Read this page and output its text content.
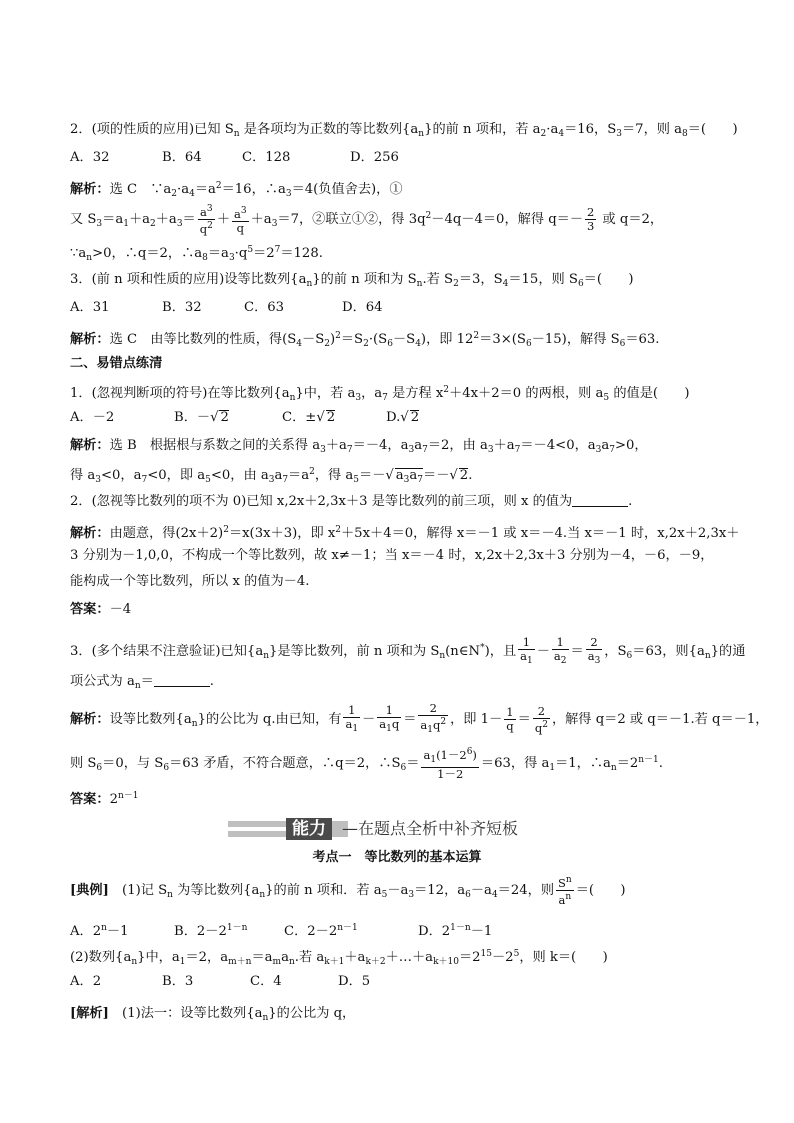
2．(项的性质的应用)已知 $S_n$ 是各项均为正数的等比数列$\{a_n\}$的前 n 项和，若 $a_2\cdot a_4=16$，$S_3=7$，则 $a_8=$(　　)
A．32	B．64	C．128	D．256
解析：选 C　$\because a_2\cdot a_4=a^2=16$，$\therefore a_3=4$(负值舍去)，①
又 $S_3=a_1+a_2+a_3= \frac{a^3}{q^2} + \frac{a^3}{q} +a_3=7$，②联立①②，得 $3q^2-4q-4=0$，解得 $q=- \frac{2}{3}$ 或 q＝2，
$\because a_n>0$，∴q＝2，$\therefore a_8=a_3\cdot q^5=2^7=128$.
3．(前 n 项和性质的应用)设等比数列$\{a_n\}$的前 n 项和为 $S_n$.若 $S_2=3$，$S_4=15$，则 $S_6=$(　　)
A．31	B．32	C．63	D．64
解析：选 C　由等比数列的性质，得$(S_4-S_2)^2=S_2\cdot(S_6-S_4)$，即 $12^2=3\times(S_6-15)$，解得 $S_6=63$.
二、易错点练清
1．(忽视判断项的符号)在等比数列$\{a_n\}$中，若 $a_3$，$a_7$ 是方程 $x^2+4x+2=0$ 的两根，则 $a_5$ 的值是(　　)
A．－2	B．－√ 2	C．±√ 2	D.√ 2
解析：选 B　根据根与系数之间的关系得 $a_3+a_7=-4$，$a_3a_7=2$，由 $a_3+a_7=-4<0$，$a_3a_7>0$，
得 $a_3<0$，$a_7<0$，即 $a_5<0$，由 $a_3a_7=a^2$，得 $a_5=-√$ $a_3a_7=-√$ 2.
2．(忽视等比数列的项不为 0)已知 x,2x＋2,3x＋3 是等比数列的前三项，则 x 的值为	.
解析：由题意，得$(2x+2)^2=x(3x+3)$，即 $x^2+5x+4=0$，解得 x＝－1 或 x＝－4.当 x＝－1 时，x,2x＋2,3x＋
3 分别为－1,0,0，不构成一个等比数列，故 x≠－1；当 x＝－4 时，x,2x＋2,3x＋3 分别为－4，－6，－9，
能构成一个等比数列，所以 x 的值为－4.
答案：－4
3．(多个结果不注意验证)已知$\{a_n\}$是等比数列，前 n 项和为 $S_n(n\in N^*)$，且 $\frac{1}{a_1} - \frac{1}{a_2} = \frac{2}{a_3}$ ，$S_6=63$，则$\{a_n\}$的通
项公式为 $a_n=$	.
解析：设等比数列$\{a_n\}$的公比为 q.由已知，有 $\frac{1}{a_1} - \frac{1}{a_1q} = \frac{2}{a_1q^2}$ ，即 $1- \frac{1}{q} = \frac{2}{q^2}$ ，解得 q＝2 或 q＝－1.若 q＝－1，
则 $S_6=0$，与 $S_6=63$ 矛盾，不符合题意，∴q＝2，$\therefore S_6= \frac{a_1(1-2^6)}{1-2} =63$，得 $a_1=1$，$\therefore a_n=2^{n-1}$.
答案：$2^{n-1}$
能力	—在题点全析中补齐短板
考点一　等比数列的基本运算
[典例]　(1)记 $S_n$ 为等比数列$\{a_n\}$的前 n 项和．若 $a_5-a_3=12$，$a_6-a_4=24$，则 $\frac{S^n}{a^n}$ ＝(　　)
A．2n－1	B．2－21－n	C．2－2n－1	D．21－n－1
(2)数列$\{a_n\}$中，$a_1=2$，$a_{m+n}=a_ma_n$.若 $a_{k+1}+a_{k+2}+\dots+a_{k+10}=2^{15}-2^5$，则 k＝(　　)
A．2	B．3	C．4	D．5
[解析]　(1)法一：设等比数列$\{a_n\}$的公比为 q，
